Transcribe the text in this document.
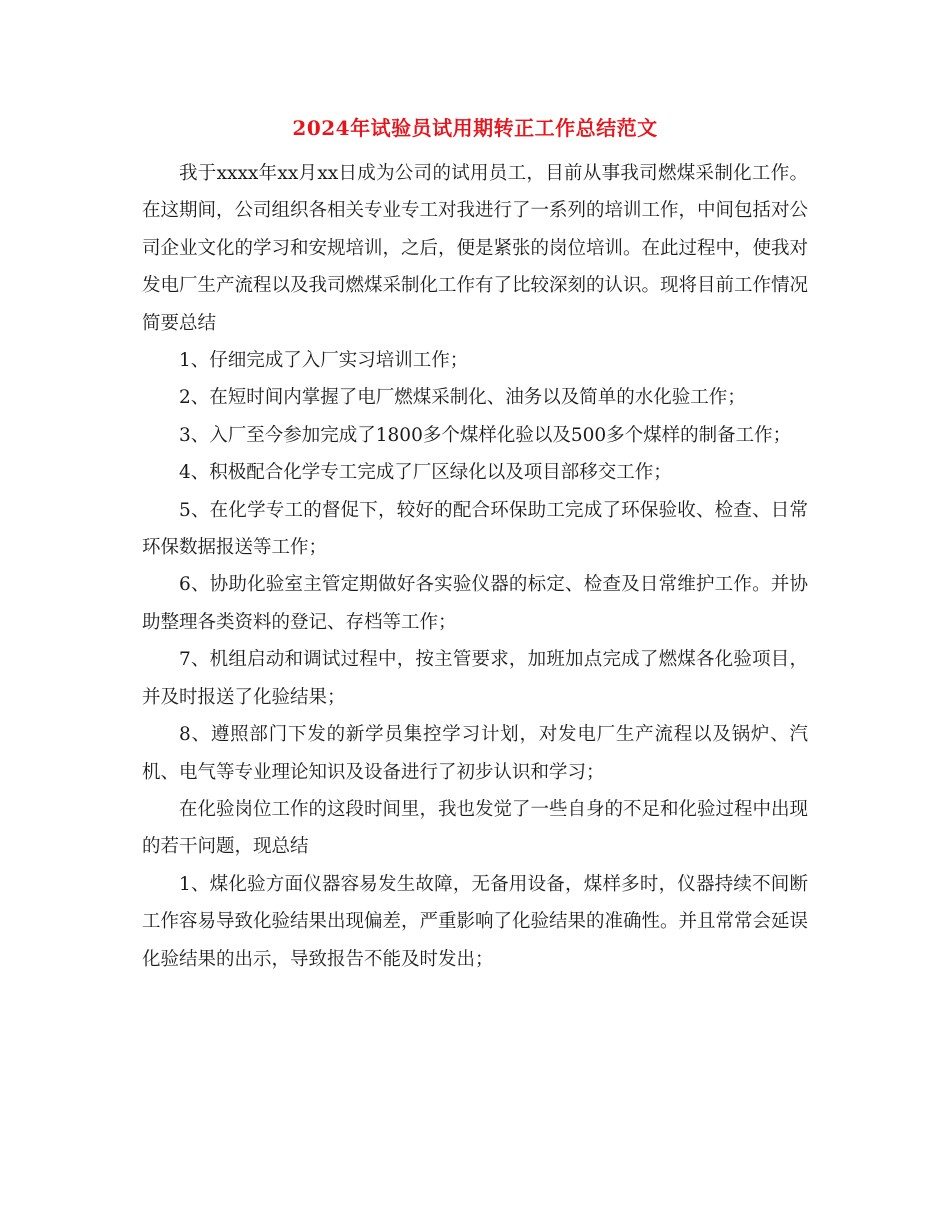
2024年试验员试用期转正工作总结范文

我于xxxx年xx月xx日成为公司的试用员工，目前从事我司燃煤采制化工作。在这期间，公司组织各相关专业专工对我进行了一系列的培训工作，中间包括对公司企业文化的学习和安规培训，之后，便是紧张的岗位培训。在此过程中，使我对发电厂生产流程以及我司燃煤采制化工作有了比较深刻的认识。现将目前工作情况简要总结

1、仔细完成了入厂实习培训工作；

2、在短时间内掌握了电厂燃煤采制化、油务以及简单的水化验工作；

3、入厂至今参加完成了1800多个煤样化验以及500多个煤样的制备工作；

4、积极配合化学专工完成了厂区绿化以及项目部移交工作；

5、在化学专工的督促下，较好的配合环保助工完成了环保验收、检查、日常环保数据报送等工作；

6、协助化验室主管定期做好各实验仪器的标定、检查及日常维护工作。并协助整理各类资料的登记、存档等工作；

7、机组启动和调试过程中，按主管要求，加班加点完成了燃煤各化验项目，并及时报送了化验结果；

8、遵照部门下发的新学员集控学习计划，对发电厂生产流程以及锅炉、汽机、电气等专业理论知识及设备进行了初步认识和学习；

在化验岗位工作的这段时间里，我也发觉了一些自身的不足和化验过程中出现的若干问题，现总结

1、煤化验方面仪器容易发生故障，无备用设备，煤样多时，仪器持续不间断工作容易导致化验结果出现偏差，严重影响了化验结果的准确性。并且常常会延误化验结果的出示，导致报告不能及时发出；
